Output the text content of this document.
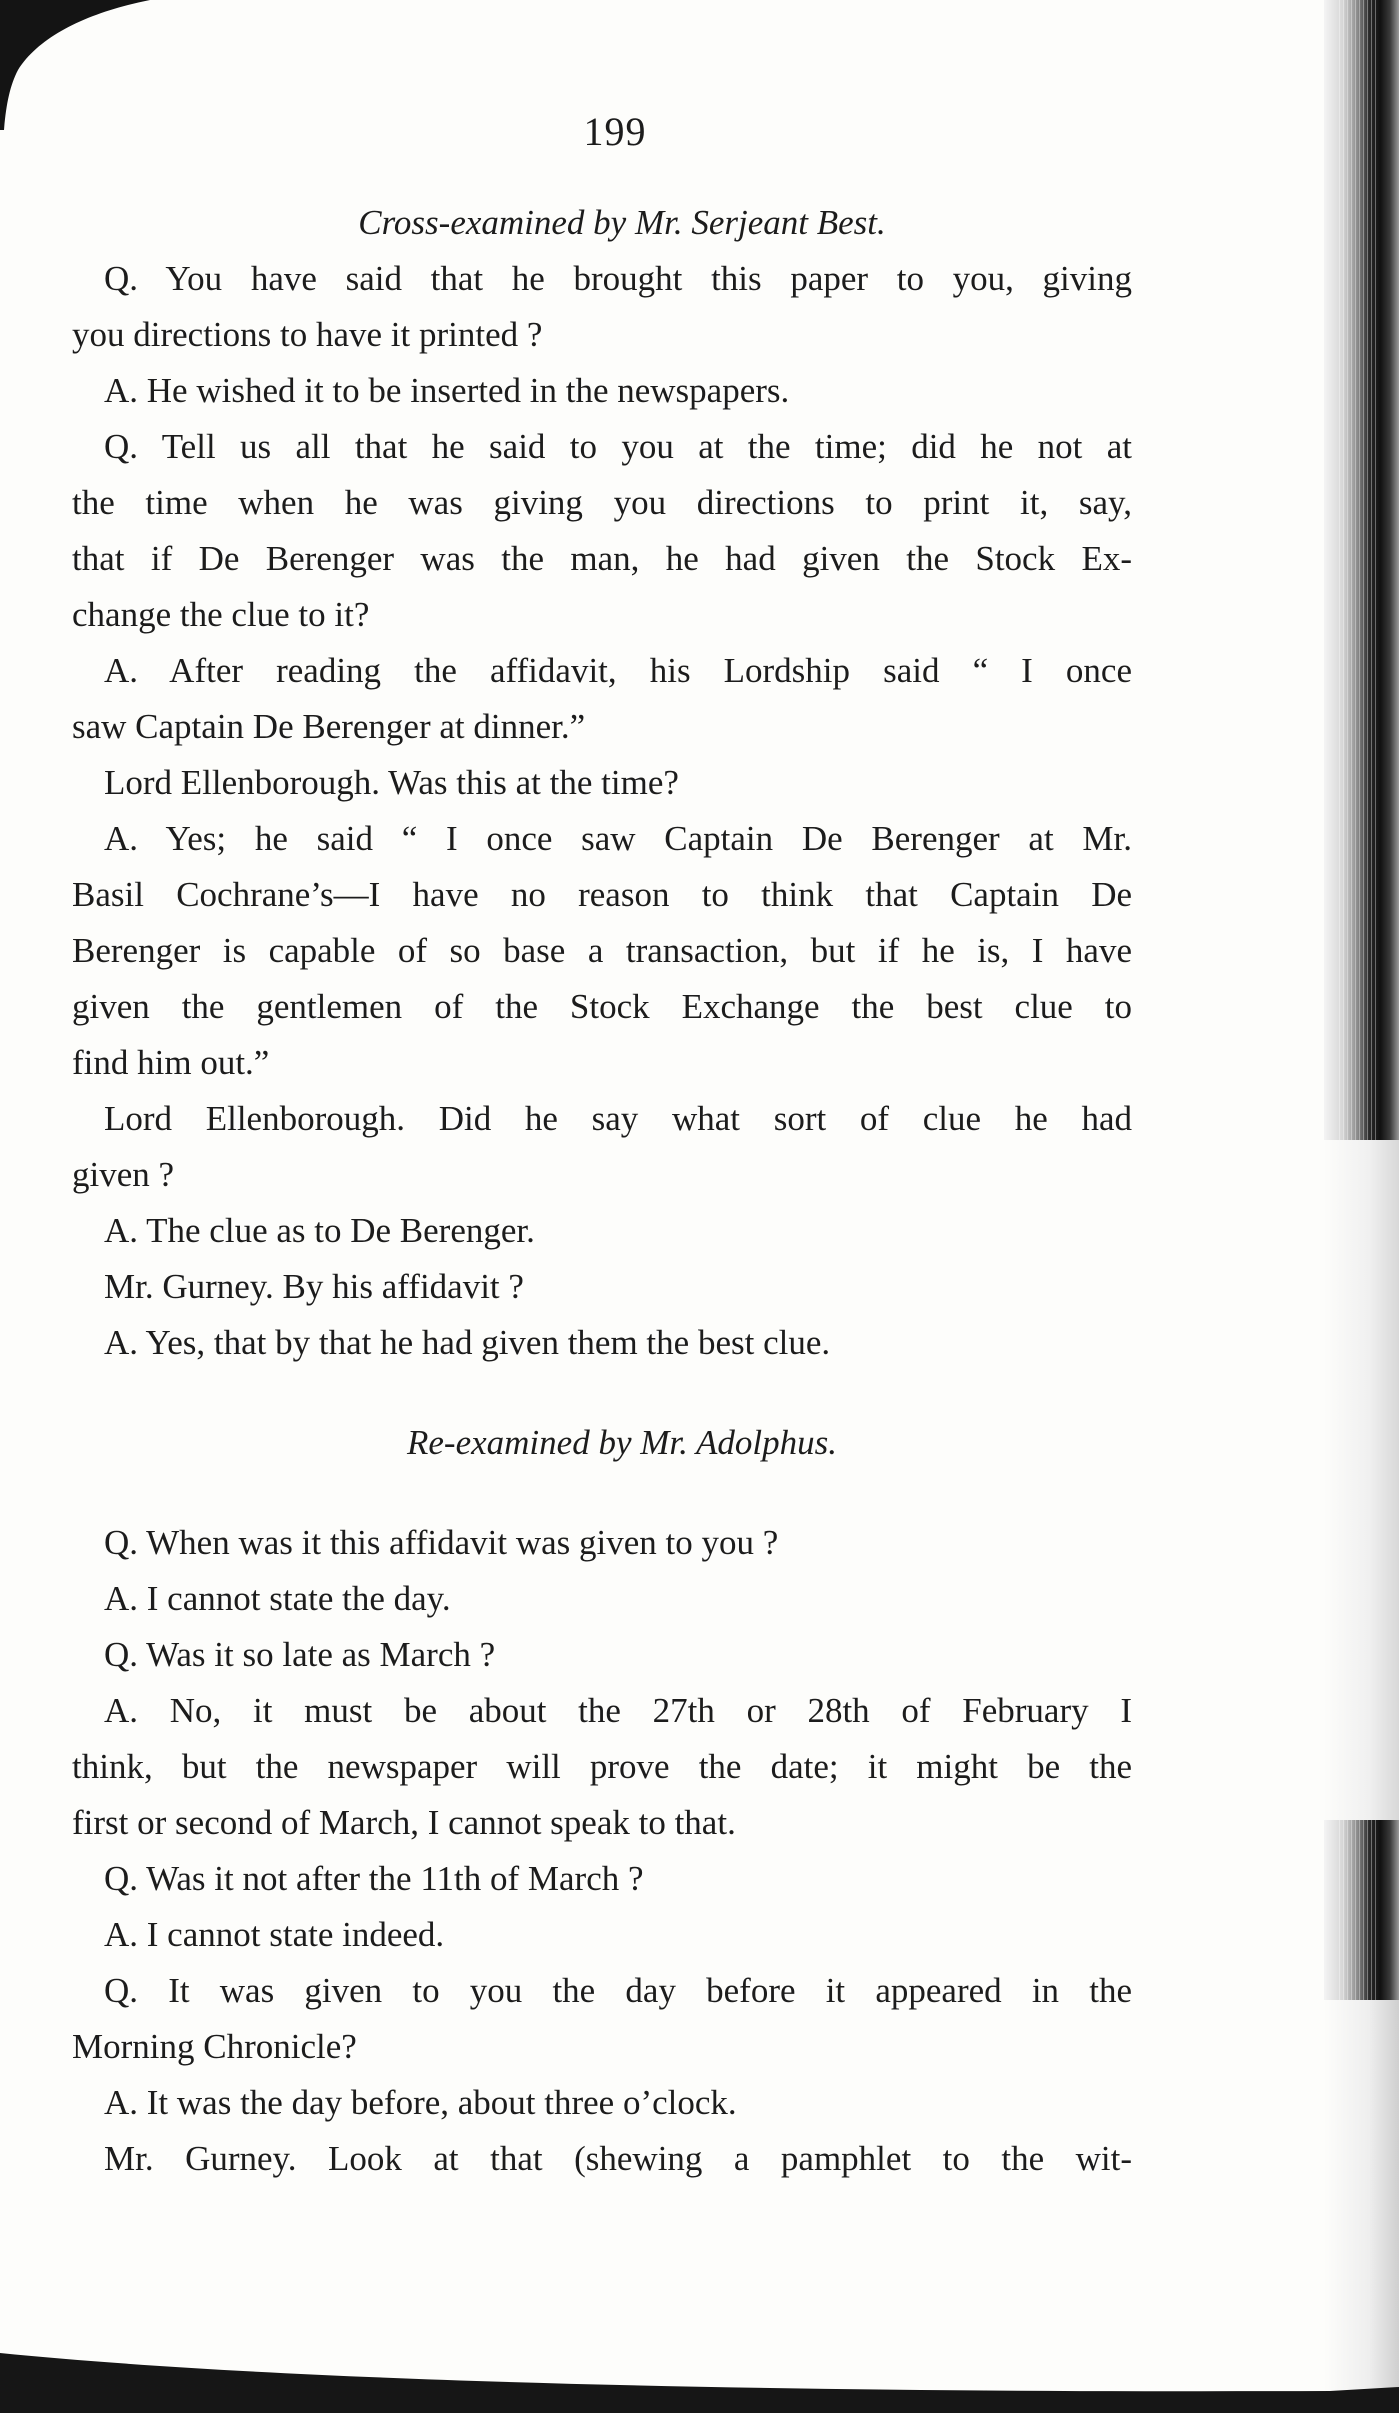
199
Cross-examined by Mr. Serjeant Best.
Q. You have said that he brought this paper to you, giving
you directions to have it printed ?
A. He wished it to be inserted in the newspapers.
Q. Tell us all that he said to you at the time; did he not at
the time when he was giving you directions to print it, say,
that if De Berenger was the man, he had given the Stock Ex-
change the clue to it?
A. After reading the affidavit, his Lordship said “ I once
saw Captain De Berenger at dinner.”
Lord Ellenborough. Was this at the time?
A. Yes; he said “ I once saw Captain De Berenger at Mr.
Basil Cochrane’s—I have no reason to think that Captain De
Berenger is capable of so base a transaction, but if he is, I have
given the gentlemen of the Stock Exchange the best clue to
find him out.”
Lord Ellenborough. Did he say what sort of clue he had
given ?
A. The clue as to De Berenger.
Mr. Gurney. By his affidavit ?
A. Yes, that by that he had given them the best clue.
Re-examined by Mr. Adolphus.
Q. When was it this affidavit was given to you ?
A. I cannot state the day.
Q. Was it so late as March ?
A. No, it must be about the 27th or 28th of February I
think, but the newspaper will prove the date; it might be the
first or second of March, I cannot speak to that.
Q. Was it not after the 11th of March ?
A. I cannot state indeed.
Q. It was given to you the day before it appeared in the
Morning Chronicle?
A. It was the day before, about three o’clock.
Mr. Gurney. Look at that (shewing a pamphlet to the wit-
